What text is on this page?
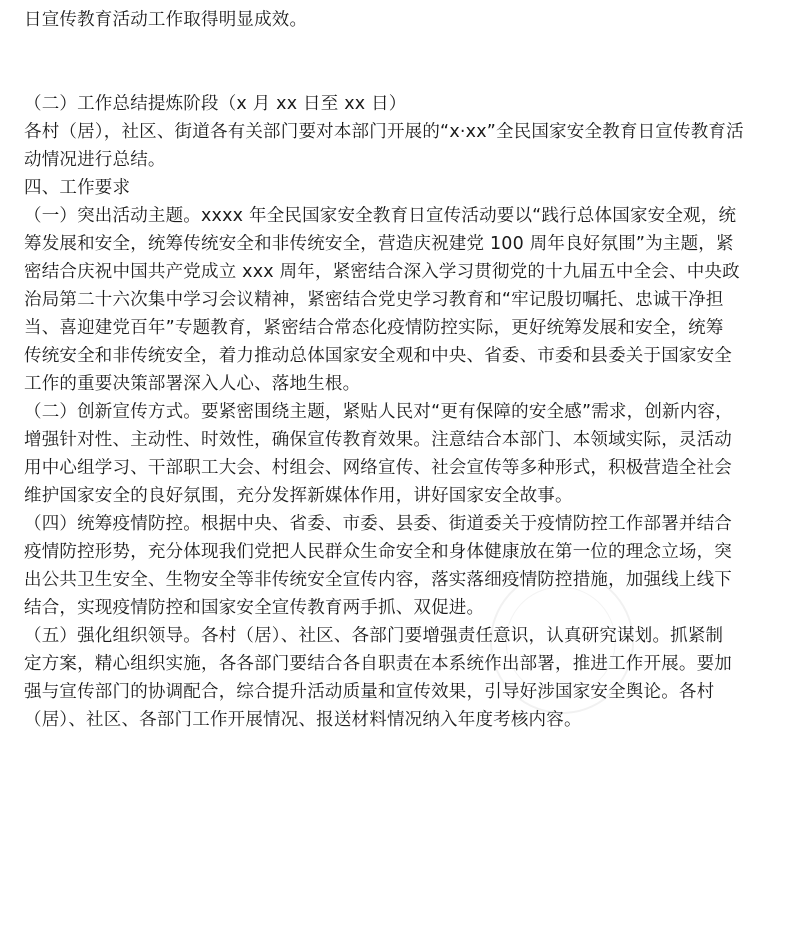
日宣传教育活动工作取得明显成效。
（二）工作总结提炼阶段（x 月 xx 日至 xx 日）
各村（居），社区、街道各有关部门要对本部门开展的“x·xx”全民国家安全教育日宣传教育活
动情况进行总结。
四、工作要求
（一）突出活动主题。xxxx 年全民国家安全教育日宣传活动要以“践行总体国家安全观，统
筹发展和安全，统筹传统安全和非传统安全，营造庆祝建党 100 周年良好氛围”为主题，紧
密结合庆祝中国共产党成立 xxx 周年，紧密结合深入学习贯彻党的十九届五中全会、中央政
治局第二十六次集中学习会议精神，紧密结合党史学习教育和“牢记殷切嘱托、忠诚干净担
当、喜迎建党百年”专题教育，紧密结合常态化疫情防控实际，更好统筹发展和安全，统筹
传统安全和非传统安全，着力推动总体国家安全观和中央、省委、市委和县委关于国家安全
工作的重要决策部署深入人心、落地生根。
（二）创新宣传方式。要紧密围绕主题，紧贴人民对“更有保障的安全感”需求，创新内容，
增强针对性、主动性、时效性，确保宣传教育效果。注意结合本部门、本领域实际，灵活动
用中心组学习、干部职工大会、村组会、网络宣传、社会宣传等多种形式，积极营造全社会
维护国家安全的良好氛围，充分发挥新媒体作用，讲好国家安全故事。
（四）统筹疫情防控。根据中央、省委、市委、县委、街道委关于疫情防控工作部署并结合
疫情防控形势，充分体现我们党把人民群众生命安全和身体健康放在第一位的理念立场，突
出公共卫生安全、生物安全等非传统安全宣传内容，落实落细疫情防控措施，加强线上线下
结合，实现疫情防控和国家安全宣传教育两手抓、双促进。
（五）强化组织领导。各村（居）、社区、各部门要增强责任意识，认真研究谋划。抓紧制
定方案，精心组织实施，各各部门要结合各自职责在本系统作出部署，推进工作开展。要加
强与宣传部门的协调配合，综合提升活动质量和宣传效果，引导好涉国家安全舆论。各村
（居）、社区、各部门工作开展情况、报送材料情况纳入年度考核内容。
